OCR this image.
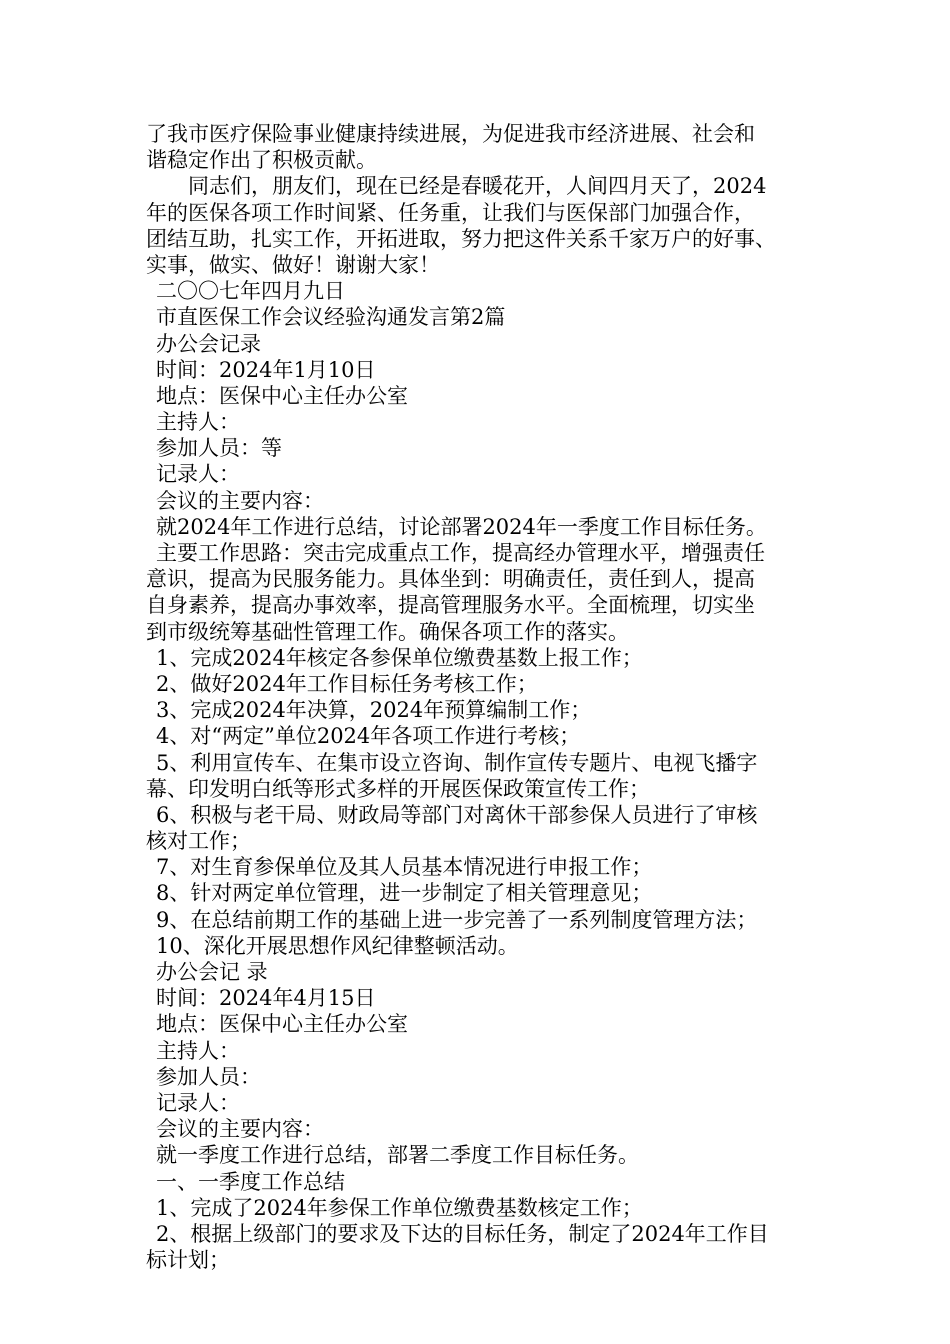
了我市医疗保险事业健康持续进展，为促进我市经济进展、社会和
谐稳定作出了积极贡献。
同志们，朋友们，现在已经是春暖花开，人间四月天了，2024
年的医保各项工作时间紧、任务重，让我们与医保部门加强合作，
团结互助，扎实工作，开拓进取，努力把这件关系千家万户的好事、
实事，做实、做好！谢谢大家！
二〇〇七年四月九日
市直医保工作会议经验沟通发言第2篇
办公会记录
时间：2024年1月10日
地点：医保中心主任办公室
主持人：
参加人员：等
记录人：
会议的主要内容：
就2024年工作进行总结，讨论部署2024年一季度工作目标任务。
主要工作思路：突击完成重点工作，提高经办管理水平，增强责任
意识，提高为民服务能力。具体坐到：明确责任，责任到人，提高
自身素养，提高办事效率，提高管理服务水平。全面梳理，切实坐
到市级统筹基础性管理工作。确保各项工作的落实。
1、完成2024年核定各参保单位缴费基数上报工作；
2、做好2024年工作目标任务考核工作；
3、完成2024年决算，2024年预算编制工作；
4、对“两定”单位2024年各项工作进行考核；
5、利用宣传车、在集市设立咨询、制作宣传专题片、电视飞播字
幕、印发明白纸等形式多样的开展医保政策宣传工作；
6、积极与老干局、财政局等部门对离休干部参保人员进行了审核
核对工作；
7、对生育参保单位及其人员基本情况进行申报工作；
8、针对两定单位管理，进一步制定了相关管理意见；
9、在总结前期工作的基础上进一步完善了一系列制度管理方法；
10、深化开展思想作风纪律整顿活动。
办公会记 录
时间：2024年4月15日
地点：医保中心主任办公室
主持人：
参加人员：
记录人：
会议的主要内容：
就一季度工作进行总结，部署二季度工作目标任务。
一、一季度工作总结
1、完成了2024年参保工作单位缴费基数核定工作；
2、根据上级部门的要求及下达的目标任务，制定了2024年工作目
标计划；
